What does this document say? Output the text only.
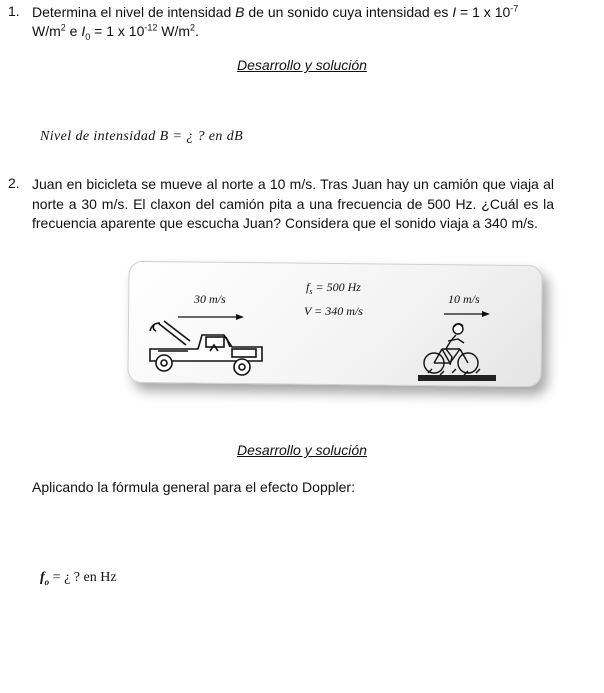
1. Determina el nivel de intensidad B de un sonido cuya intensidad es I = 1 x $10^{-7}$
$W/m^2$ e $I_0 = 1$ x $10^{-12}$ $W/m^2$.
Desarrollo y solución
Nivel de intensidad B = ¿ ? en dB
2. Juan en bicicleta se mueve al norte a 10 m/s. Tras Juan hay un camión que viaja al norte a 30 m/s. El claxon del camión pita a una frecuencia de 500 Hz. ¿Cuál es la frecuencia aparente que escucha Juan? Considera que el sonido viaja a 340 m/s.
30 m/s
$f_s = 500$ Hz
V = 340 m/s
10 m/s
Desarrollo y solución
Aplicando la fórmula general para el efecto Doppler:
$f_o$ = ¿ ? en Hz
